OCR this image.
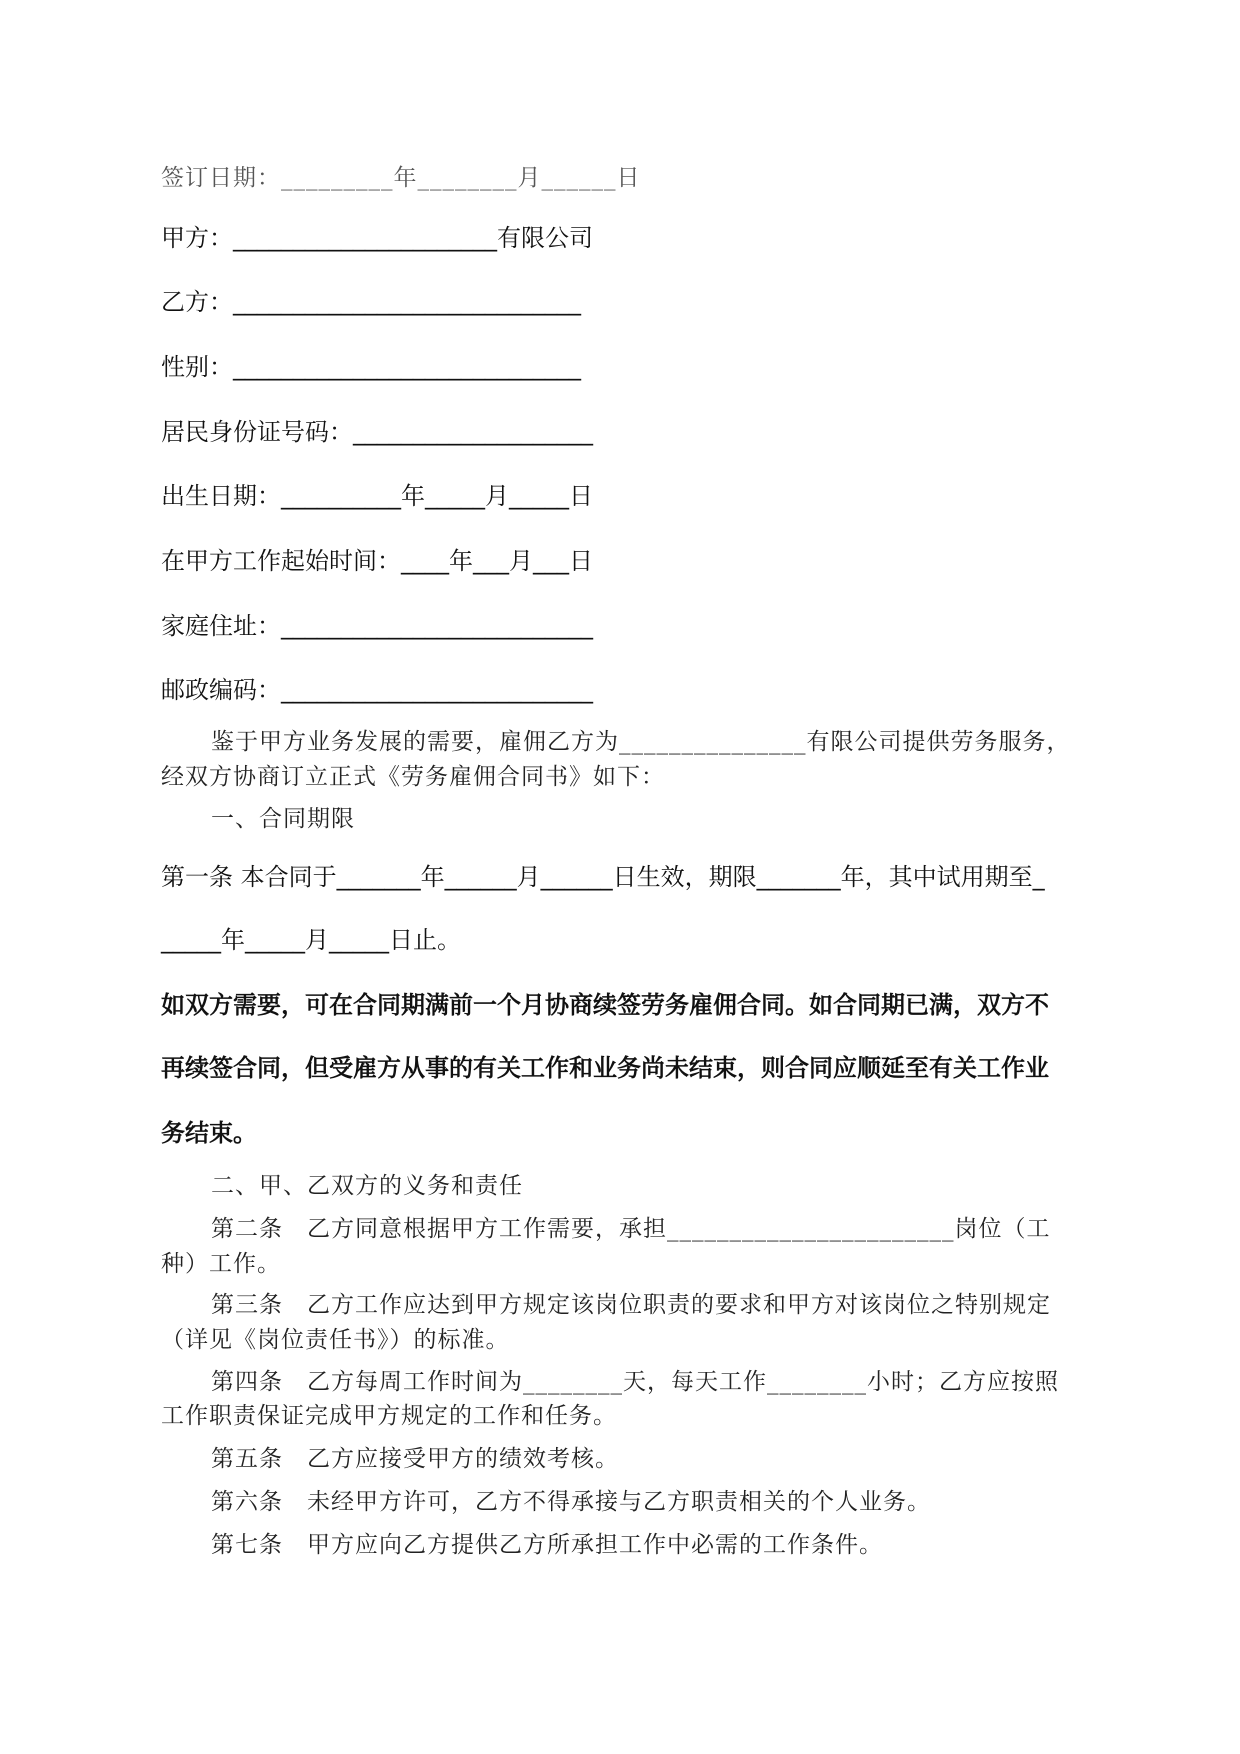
签订日期：_________年________月______日
甲方：______________________有限公司
乙方：_____________________________
性别：_____________________________
居民身份证号码：____________________
出生日期：__________年_____月_____日
在甲方工作起始时间：____年___月___日
家庭住址：__________________________
邮政编码：__________________________
鉴于甲方业务发展的需要，雇佣乙方为_______________有限公司提供劳务服务，
经双方协商订立正式《劳务雇佣合同书》如下：
一、合同期限
第一条 本合同于_______年______月______日生效，期限_______年，其中试用期至_
_____年_____月_____日止。
如双方需要，可在合同期满前一个月协商续签劳务雇佣合同。如合同期已满，双方不
再续签合同，但受雇方从事的有关工作和业务尚未结束，则合同应顺延至有关工作业
务结束。
二、甲、乙双方的义务和责任
第二条　乙方同意根据甲方工作需要，承担_______________________岗位（工
种）工作。
第三条　乙方工作应达到甲方规定该岗位职责的要求和甲方对该岗位之特别规定
（详见《岗位责任书》）的标准。
第四条　乙方每周工作时间为________天，每天工作________小时；乙方应按照
工作职责保证完成甲方规定的工作和任务。
第五条　乙方应接受甲方的绩效考核。
第六条　未经甲方许可，乙方不得承接与乙方职责相关的个人业务。
第七条　甲方应向乙方提供乙方所承担工作中必需的工作条件。
